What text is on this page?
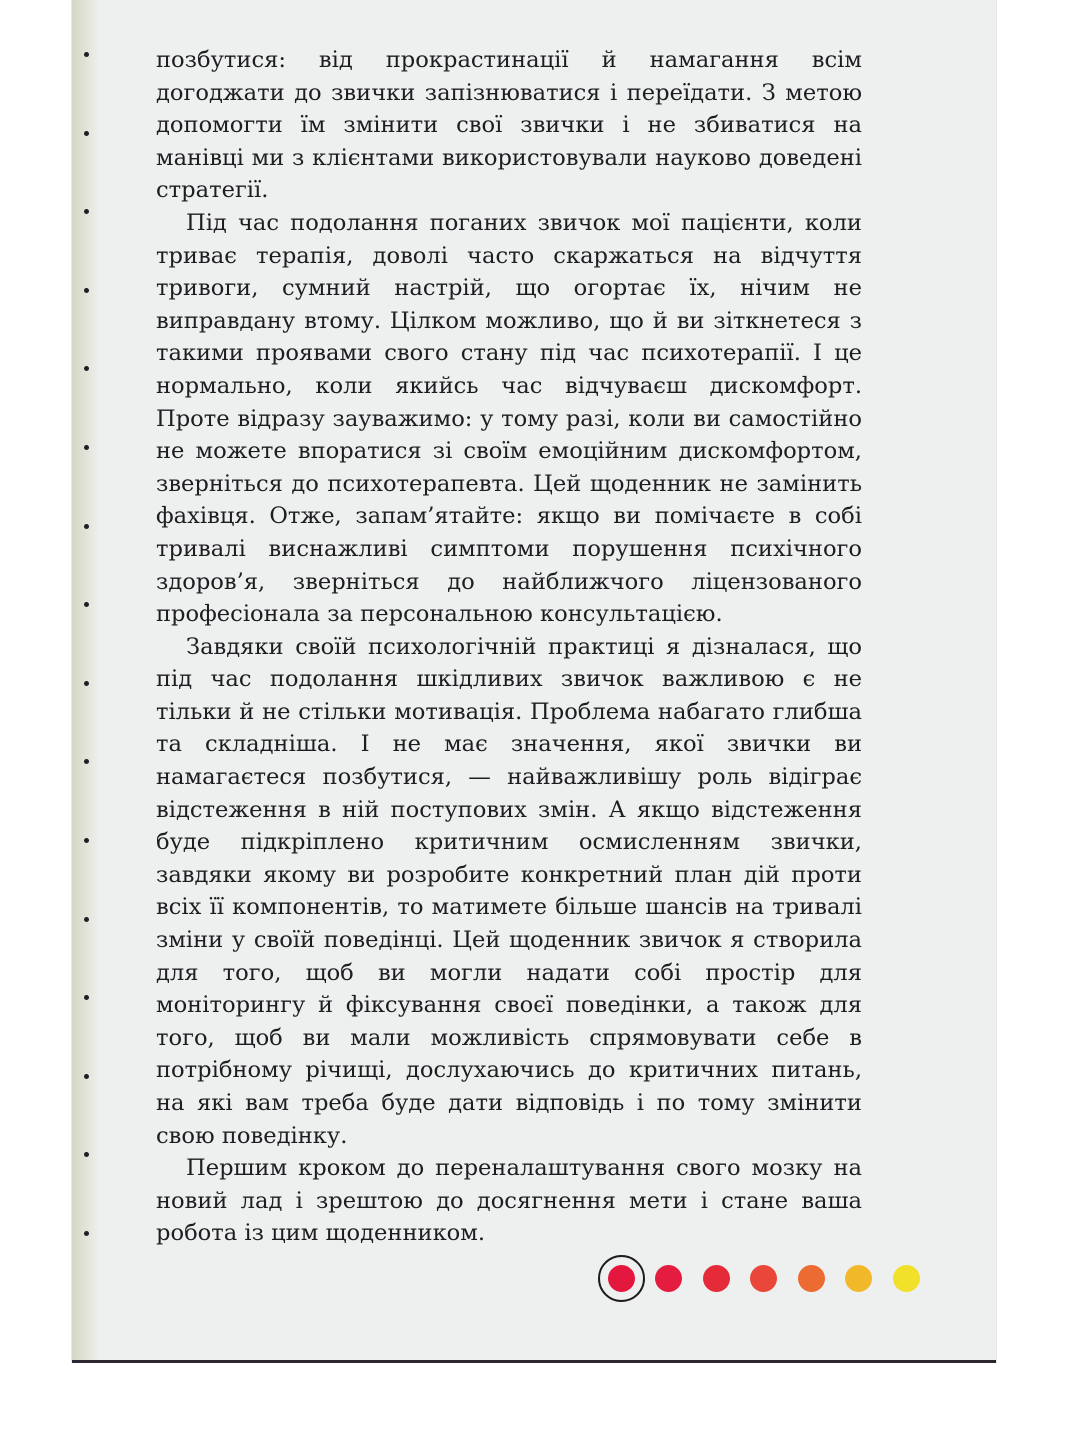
позбутися: від прокрастинації й намагання всім догоджати до звички запізнюватися і переїдати. З метою допомогти їм змінити свої звички і не збиватися на манівці ми з клієнтами використовували науково доведені стратегії.

Під час подолання поганих звичок мої пацієнти, коли триває терапія, доволі часто скаржаться на відчуття тривоги, сумний настрій, що огортає їх, нічим не виправдану втому. Цілком можливо, що й ви зіткнетеся з такими проявами свого стану під час психотерапії. І це нормально, коли якийсь час відчуваєш дискомфорт. Проте відразу зауважимо: у тому разі, коли ви самостійно не можете впоратися зі своїм емоційним дискомфортом, зверніться до психотерапевта. Цей щоденник не замінить фахівця. Отже, запам’ятайте: якщо ви помічаєте в собі тривалі виснажливі симптоми порушення психічного здоров’я, зверніться до найближчого ліцензованого професіонала за персональною консультацією.

Завдяки своїй психологічній практиці я дізналася, що під час подолання шкідливих звичок важливою є не тільки й не стільки мотивація. Проблема набагато глибша та складніша. І не має значення, якої звички ви намагаєтеся позбутися, — найважливішу роль відіграє відстеження в ній поступових змін. А якщо відстеження буде підкріплено критичним осмисленням звички, завдяки якому ви розробите конкретний план дій проти всіх її компонентів, то матимете більше шансів на тривалі зміни у своїй поведінці. Цей щоденник звичок я створила для того, щоб ви могли надати собі простір для моніторингу й фіксування своєї поведінки, а також для того, щоб ви мали можливість спрямовувати себе в потрібному річищі, дослухаючись до критичних питань, на які вам треба буде дати відповідь і по тому змінити свою поведінку.

Першим кроком до переналаштування свого мозку на новий лад і зрештою до досягнення мети і стане ваша робота із цим щоденником.
